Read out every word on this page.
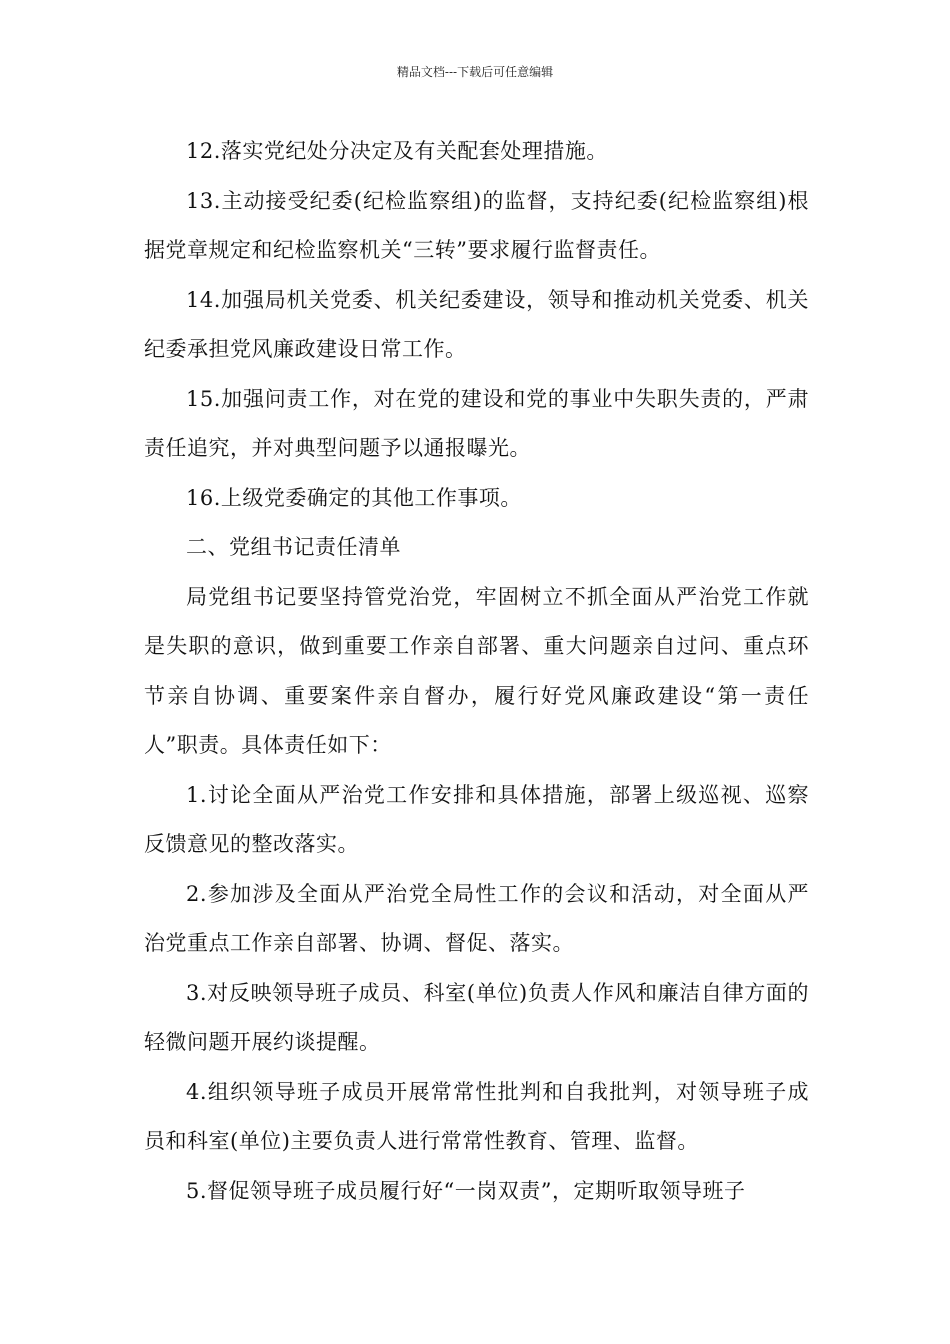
精品文档---下载后可任意编辑

12.落实党纪处分决定及有关配套处理措施。

13.主动接受纪委(纪检监察组)的监督，支持纪委(纪检监察组)根据党章规定和纪检监察机关“三转”要求履行监督责任。

14.加强局机关党委、机关纪委建设，领导和推动机关党委、机关纪委承担党风廉政建设日常工作。

15.加强问责工作，对在党的建设和党的事业中失职失责的，严肃责任追究，并对典型问题予以通报曝光。

16.上级党委确定的其他工作事项。

二、党组书记责任清单

局党组书记要坚持管党治党，牢固树立不抓全面从严治党工作就是失职的意识，做到重要工作亲自部署、重大问题亲自过问、重点环节亲自协调、重要案件亲自督办，履行好党风廉政建设“第一责任人”职责。具体责任如下：

1.讨论全面从严治党工作安排和具体措施，部署上级巡视、巡察反馈意见的整改落实。

2.参加涉及全面从严治党全局性工作的会议和活动，对全面从严治党重点工作亲自部署、协调、督促、落实。

3.对反映领导班子成员、科室(单位)负责人作风和廉洁自律方面的轻微问题开展约谈提醒。

4.组织领导班子成员开展常常性批判和自我批判，对领导班子成员和科室(单位)主要负责人进行常常性教育、管理、监督。

5.督促领导班子成员履行好“一岗双责”，定期听取领导班子
